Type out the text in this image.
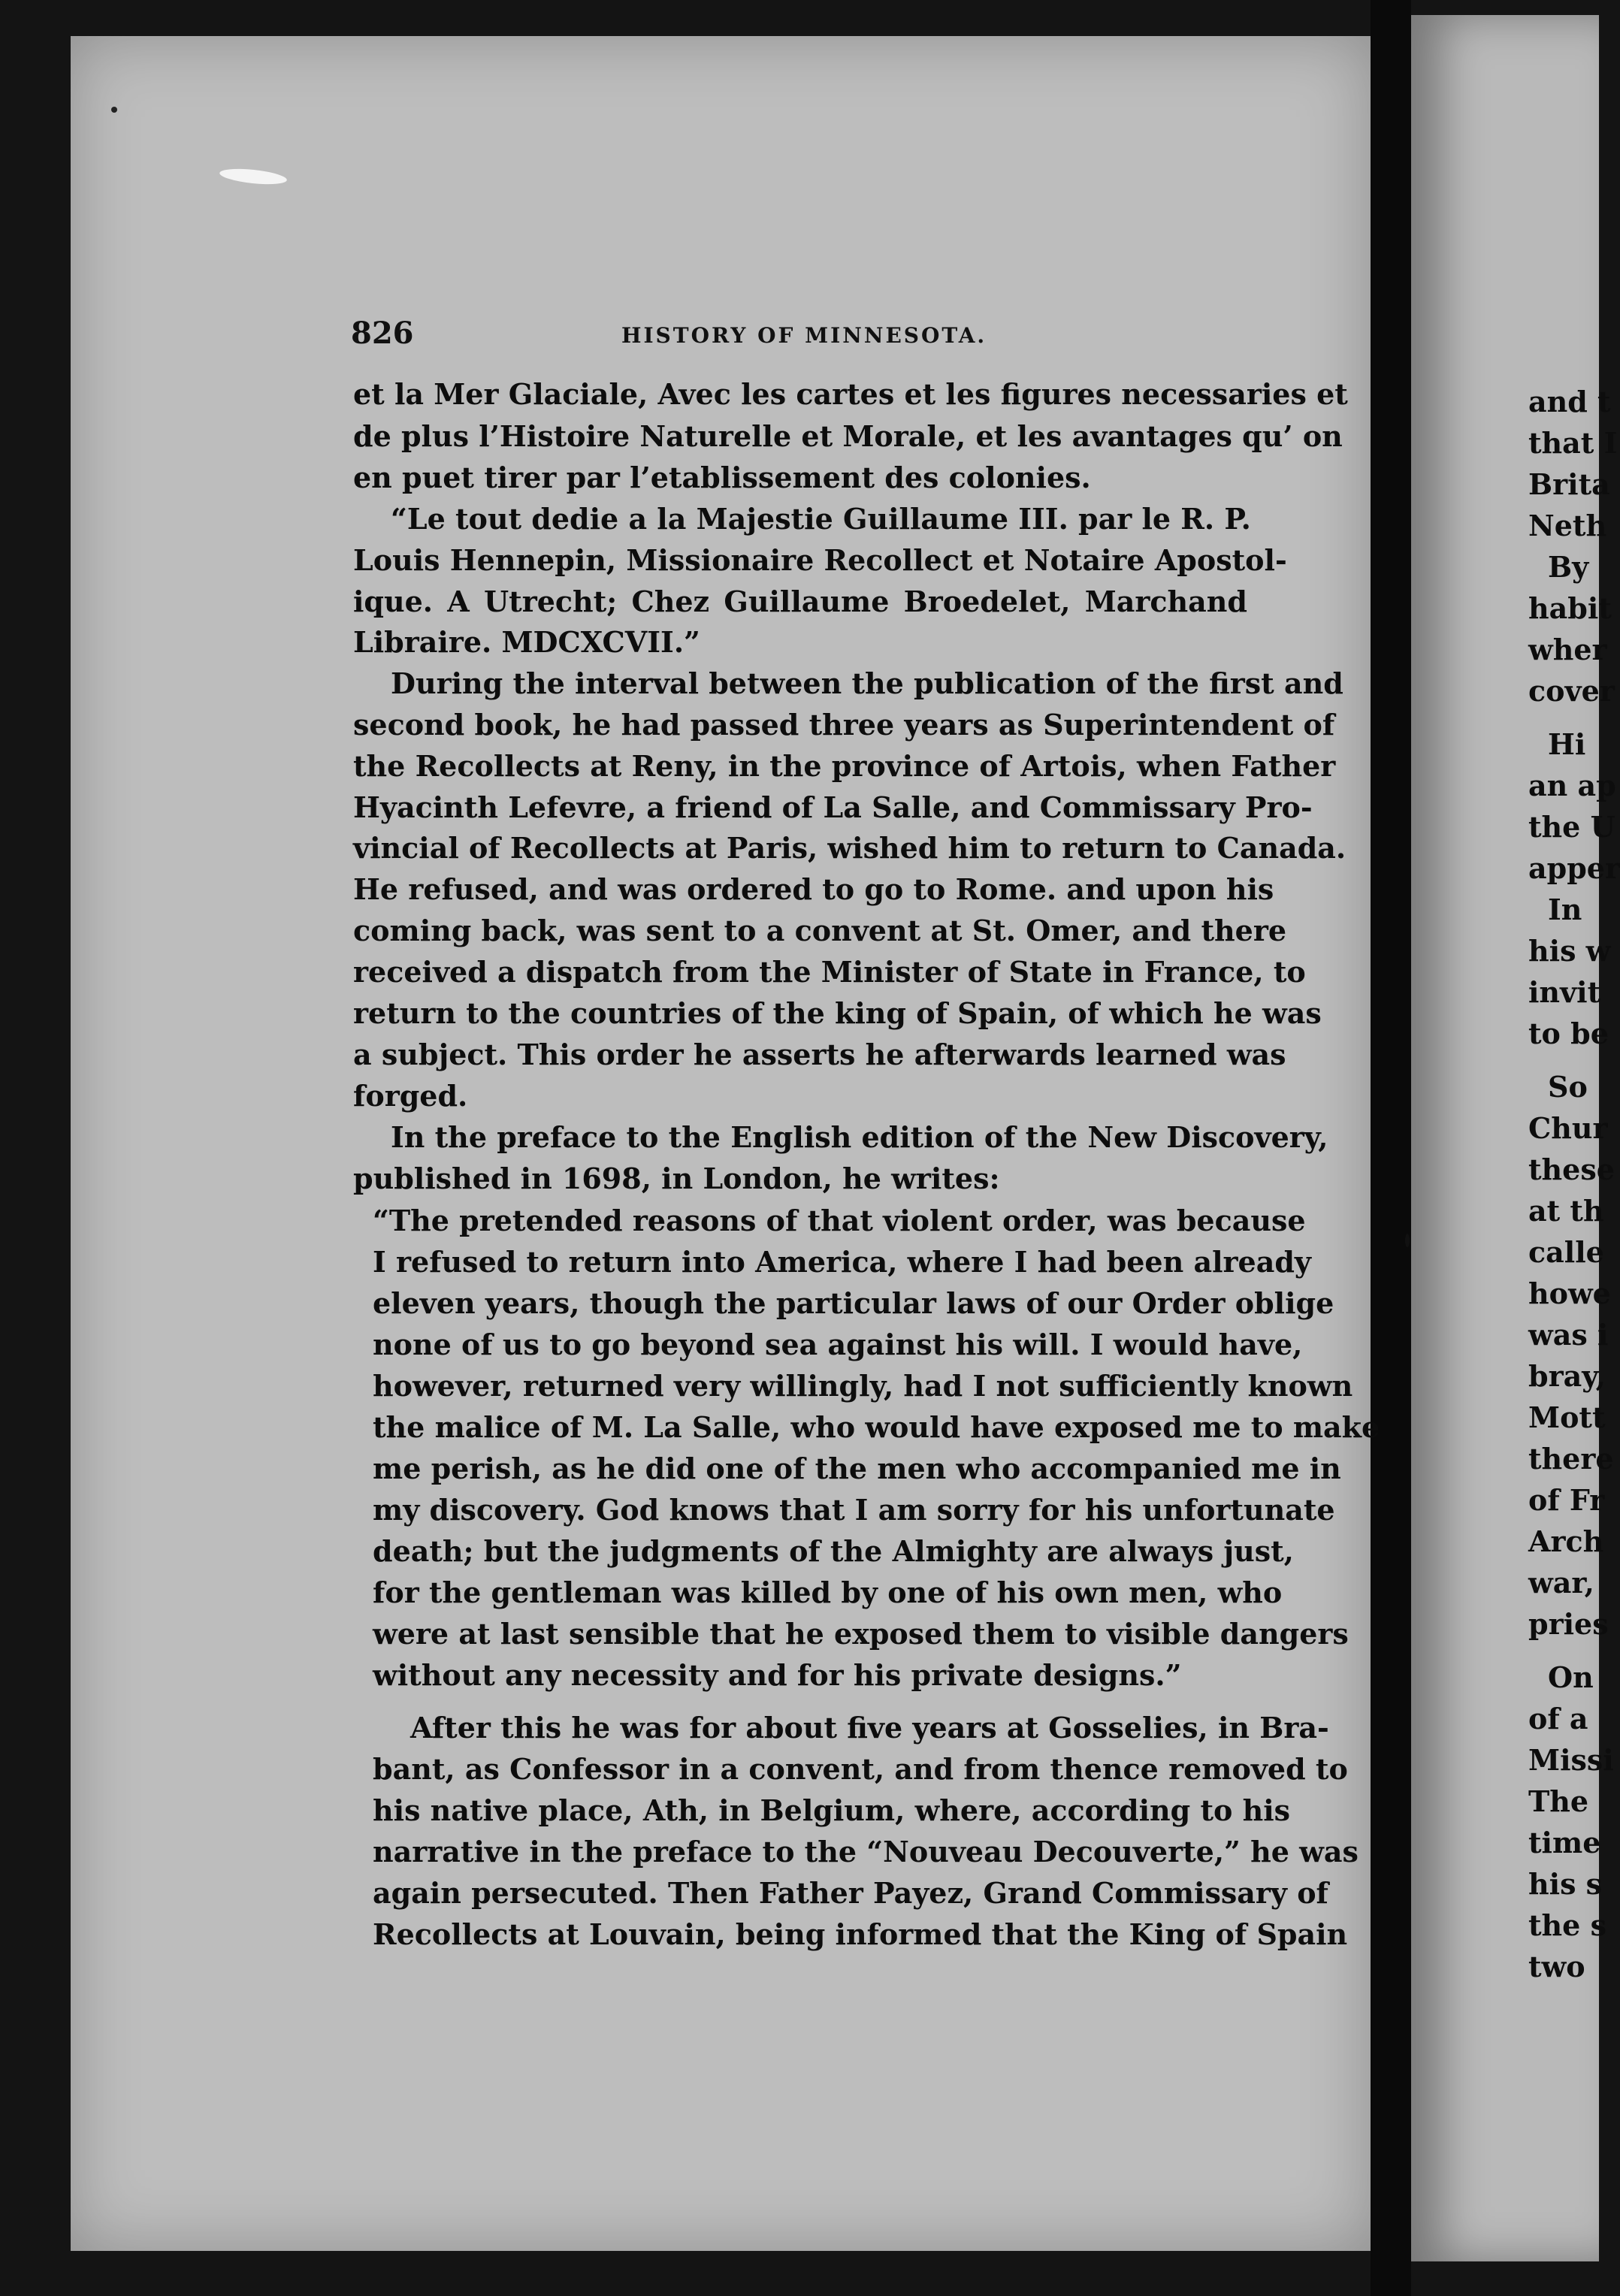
826	HISTORY OF MINNESOTA.
et la Mer Glaciale, Avec les cartes et les figures necessaries et
de plus l’Histoire Naturelle et Morale, et les avantages qu’ on
en puet tirer par l’etablissement des colonies.
“Le tout dedie a la Majestie Guillaume III. par le R. P.
Louis Hennepin, Missionaire Recollect et Notaire Apostol-
ique. A Utrecht; Chez Guillaume Broedelet, Marchand
Libraire. MDCXCVII.”
During the interval between the publication of the first and
second book, he had passed three years as Superintendent of
the Recollects at Reny, in the province of Artois, when Father
Hyacinth Lefevre, a friend of La Salle, and Commissary Pro-
vincial of Recollects at Paris, wished him to return to Canada.
He refused, and was ordered to go to Rome. and upon his
coming back, was sent to a convent at St. Omer, and there
received a dispatch from the Minister of State in France, to
return to the countries of the king of Spain, of which he was
a subject. This order he asserts he afterwards learned was
forged.
In the preface to the English edition of the New Discovery,
published in 1698, in London, he writes:
“The pretended reasons of that violent order, was because
I refused to return into America, where I had been already
eleven years, though the particular laws of our Order oblige
none of us to go beyond sea against his will. I would have,
however, returned very willingly, had I not sufficiently known
the malice of M. La Salle, who would have exposed me to make
me perish, as he did one of the men who accompanied me in
my discovery. God knows that I am sorry for his unfortunate
death; but the judgments of the Almighty are always just,
for the gentleman was killed by one of his own men, who
were at last sensible that he exposed them to visible dangers
without any necessity and for his private designs.”
After this he was for about five years at Gosselies, in Bra-
bant, as Confessor in a convent, and from thence removed to
his native place, Ath, in Belgium, where, according to his
narrative in the preface to the “Nouveau Decouverte,” he was
again persecuted. Then Father Payez, Grand Commissary of
Recollects at Louvain, being informed that the King of Spain
and t
that I
Brita
Neth
By
habit
wher
cover
Hi
an ap
the U
apper
In
his w
invit
to be
So
Chur
these
at th
calle
howe
was i
bray,
Mott
there
of Fr
Arch
war,
pries
On
of a
Missi
The
time
his s
the s
two
